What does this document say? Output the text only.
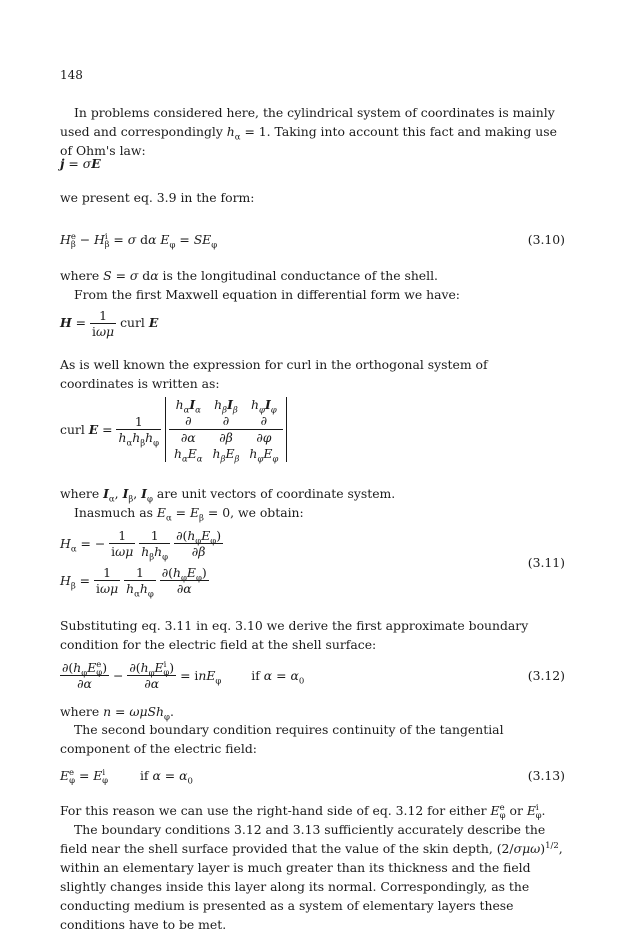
148
In problems considered here, the cylindrical system of coordinates is mainly used and correspondingly $h_\alpha = 1$. Taking into account this fact and making use of Ohm's law:
j = σE
we present eq. 3.9 in the form:
$H^e_\beta - H^i_\beta = \sigma$ dα $E_\varphi = SE_\varphi$	(3.10)
where S = σ dα is the longitudinal conductance of the shell.
From the first Maxwell equation in differential form we have:
$H = \frac{1}{\text{iωμ}}$ curl E
As is well known the expression for curl in the orthogonal system of coordinates is written as:
curl $E = \frac{1}{h_\alpha h_\beta h_\varphi}$

$h_\alpha I_\alpha$	$h_\beta I_\beta$	$h_\varphi I_\varphi$
∂	∂	∂
∂α	∂β	∂φ
$h_\alpha E_\alpha$	$h_\beta E_\beta$	$h_\varphi E_\varphi$
where $I_\alpha$, $I_\beta$, $I_\varphi$ are unit vectors of coordinate system.
Inasmuch as $E_\alpha = E_\beta = 0$, we obtain:
$H_\alpha$ = − $\frac{1}{\text{iωμ}}$
$\frac{1}{h_\beta h_\varphi}$
$\frac{\partial(h_\varphi E_\varphi)}{\partial\beta}$
$H_\beta = \frac{1}{\text{iωμ}}$
$\frac{1}{h_\alpha h_\varphi}$
$\frac{\partial(h_\varphi E_\varphi)}{\partial\alpha}$
(3.11)
Substituting eq. 3.11 in eq. 3.10 we derive the first approximate boundary condition for the electric field at the shell surface:
$\frac{\partial(h_\varphi E^e_\varphi)}{\partial\alpha} - \frac{\partial(h_\varphi E^i_\varphi)}{\partial\alpha} = inE_\varphi$ if $\alpha = \alpha_0$	(3.12)
where n = ωμSh$_\varphi$.
The second boundary condition requires continuity of the tangential component of the electric field:
$E^e_\varphi = E^i_\varphi$	if $\alpha = \alpha_0$	(3.13)
For this reason we can use the right-hand side of eq. 3.12 for either $E^e_\varphi$ or $E^i_\varphi$.
The boundary conditions 3.12 and 3.13 sufficiently accurately describe the field near the shell surface provided that the value of the skin depth, $(2/\sigma\mu\omega)^{1/2}$, within an elementary layer is much greater than its thickness and the field slightly changes inside this layer along its normal. Correspondingly, as the conducting medium is presented as a system of elementary layers these conditions have to be met.
